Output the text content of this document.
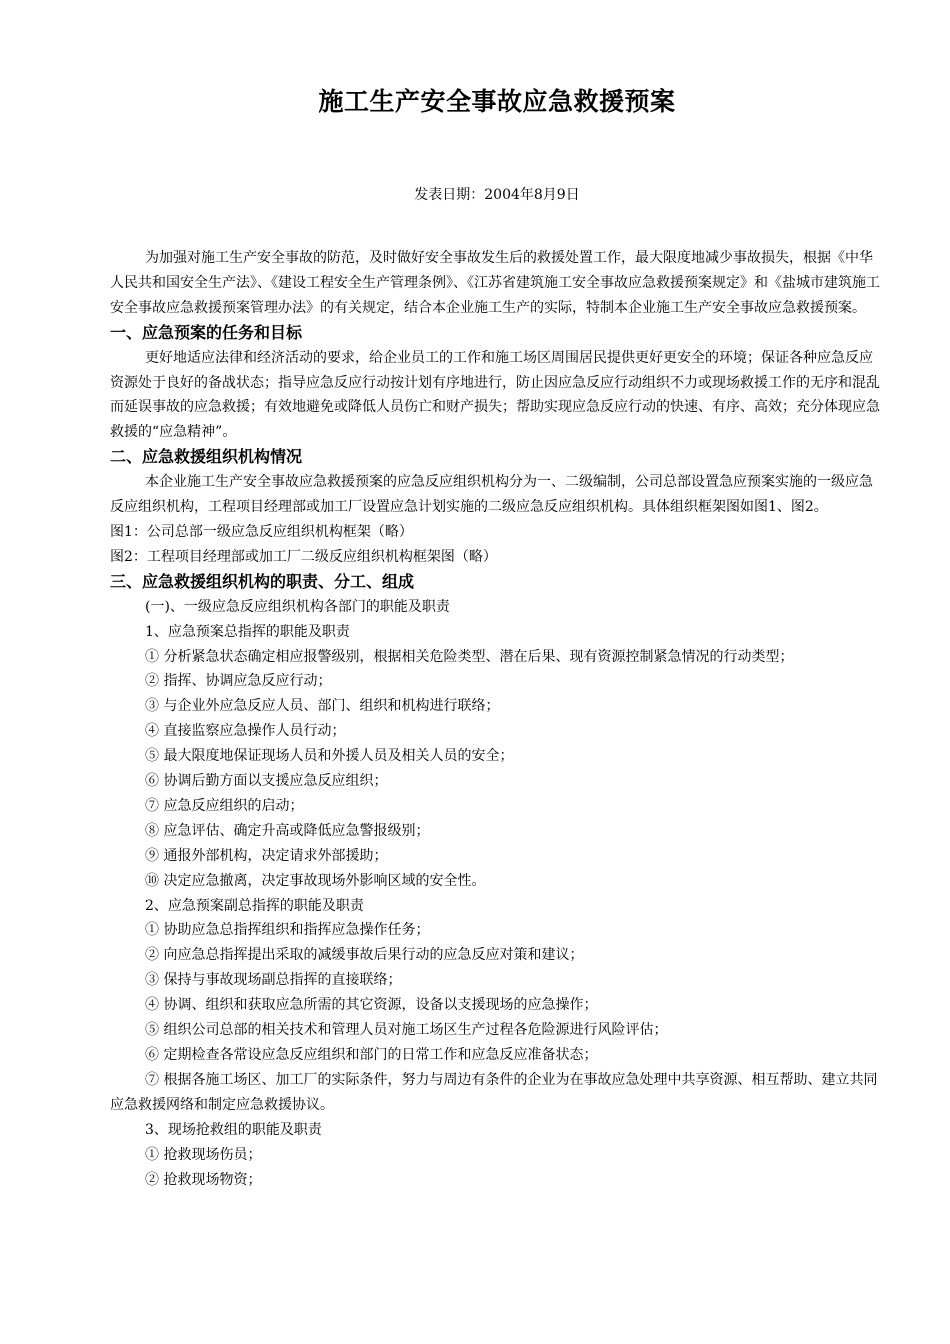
施工生产安全事故应急救援预案
发表日期：2004年8月9日

为加强对施工生产安全事故的防范，及时做好安全事故发生后的救援处置工作，最大限度地减少事故损失，根据《中华人民共和国安全生产法》、《建设工程安全生产管理条例》、《江苏省建筑施工安全事故应急救援预案规定》和《盐城市建筑施工安全事故应急救援预案管理办法》的有关规定，结合本企业施工生产的实际，特制本企业施工生产安全事故应急救援预案。

一、应急预案的任务和目标

更好地适应法律和经济活动的要求，给企业员工的工作和施工场区周围居民提供更好更安全的环境；保证各种应急反应资源处于良好的备战状态；指导应急反应行动按计划有序地进行，防止因应急反应行动组织不力或现场救援工作的无序和混乱而延误事故的应急救援；有效地避免或降低人员伤亡和财产损失；帮助实现应急反应行动的快速、有序、高效；充分体现应急救援的“应急精神”。

二、应急救援组织机构情况

本企业施工生产安全事故应急救援预案的应急反应组织机构分为一、二级编制，公司总部设置急应预案实施的一级应急反应组织机构，工程项目经理部或加工厂设置应急计划实施的二级应急反应组织机构。具体组织框架图如图1、图2。

图1：公司总部一级应急反应组织机构框架（略）

图2：工程项目经理部或加工厂二级反应组织机构框架图（略）

三、应急救援组织机构的职责、分工、组成

(一)、一级应急反应组织机构各部门的职能及职责

1、应急预案总指挥的职能及职责

① 分析紧急状态确定相应报警级别，根据相关危险类型、潜在后果、现有资源控制紧急情况的行动类型；

② 指挥、协调应急反应行动；

③ 与企业外应急反应人员、部门、组织和机构进行联络；

④ 直接监察应急操作人员行动；

⑤ 最大限度地保证现场人员和外援人员及相关人员的安全；

⑥ 协调后勤方面以支援应急反应组织；

⑦ 应急反应组织的启动；

⑧ 应急评估、确定升高或降低应急警报级别；

⑨ 通报外部机构，决定请求外部援助；

⑩ 决定应急撤离，决定事故现场外影响区域的安全性。

2、应急预案副总指挥的职能及职责

① 协助应急总指挥组织和指挥应急操作任务；

② 向应急总指挥提出采取的减缓事故后果行动的应急反应对策和建议；

③ 保持与事故现场副总指挥的直接联络；

④ 协调、组织和获取应急所需的其它资源，设备以支援现场的应急操作；

⑤ 组织公司总部的相关技术和管理人员对施工场区生产过程各危险源进行风险评估；

⑥ 定期检查各常设应急反应组织和部门的日常工作和应急反应准备状态；

⑦ 根据各施工场区、加工厂的实际条件，努力与周边有条件的企业为在事故应急处理中共享资源、相互帮助、建立共同应急救援网络和制定应急救援协议。

3、现场抢救组的职能及职责

① 抢救现场伤员；

② 抢救现场物资；
